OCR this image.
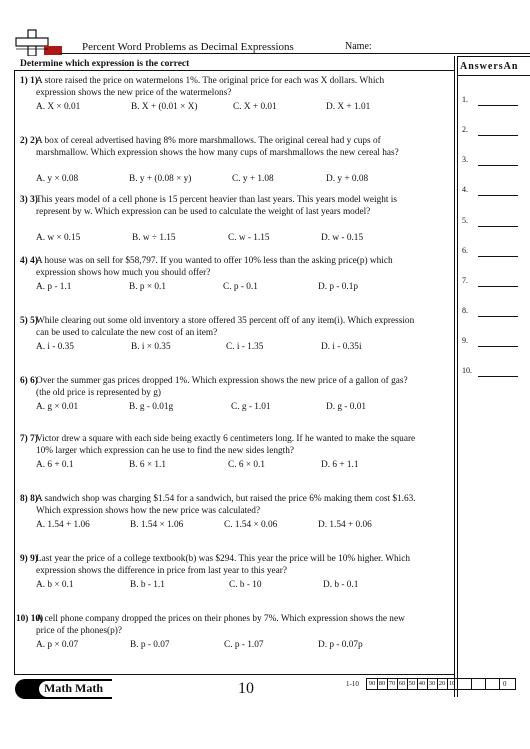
Percent Word Problems as Decimal Expressions	Name:
Determine which expression is the correct
1) 1)
A store raised the price on watermelons 1%. The original price for each was X dollars. Which expression shows the new price of the watermelons?
A. X × 0.01	B. X + (0.01 × X)	C. X + 0.01	D. X + 1.01
2) 2)
A box of cereal advertised having 8% more marshmallows. The original cereal had y cups of marshmallow. Which expression shows the how many cups of marshmallows the new cereal has?
A. y × 0.08	B. y + (0.08 × y)	C. y + 1.08	D. y + 0.08
3) 3)
This years model of a cell phone is 15 percent heavier than last years. This years model weight is represent by w. Which expression can be used to calculate the weight of last years model?
A. w × 0.15	B. w ÷ 1.15	C. w - 1.15	D. w - 0.15
4) 4)
A house was on sell for $58,797. If you wanted to offer 10% less than the asking price(p) which expression shows how much you should offer?
A. p - 1.1	B. p × 0.1	C. p - 0.1	D. p - 0.1p
5) 5)
While clearing out some old inventory a store offered 35 percent off of any item(i). Which expression can be used to calculate the new cost of an item?
A. i - 0.35	B. i × 0.35	C. i - 1.35	D. i - 0.35i
6) 6)
Over the summer gas prices dropped 1%. Which expression shows the new price of a gallon of gas? (the old price is represented by g)
A. g × 0.01	B. g - 0.01g	C. g - 1.01	D. g - 0.01
7) 7)
Victor drew a square with each side being exactly 6 centimeters long. If he wanted to make the square 10% larger which expression can he use to find the new sides length?
A. 6 + 0.1	B. 6 × 1.1	C. 6 × 0.1	D. 6 + 1.1
8) 8)
A sandwich shop was charging $1.54 for a sandwich, but raised the price 6% making them cost $1.63. Which expression shows how the new price was calculated?
A. 1.54 + 1.06	B. 1.54 × 1.06	C. 1.54 × 0.06	D. 1.54 + 0.06
9) 9)
Last year the price of a college textbook(b) was $294. This year the price will be 10% higher. Which expression shows the difference in price from last year to this year?
A. b × 0.1	B. b - 1.1	C. b - 10	D. b - 0.1
10) 10)
A cell phone company dropped the prices on their phones by 7%. Which expression shows the new price of the phones(p)?
A. p × 0.07	B. p - 0.07	C. p - 1.07	D. p - 0.07p
AnswersAn
1.
2.
3.
4.
5.
6.
7.
8.
9.
10.
Math Math	10	1-10 90 80 70 60 50 40 30 20 10	0
